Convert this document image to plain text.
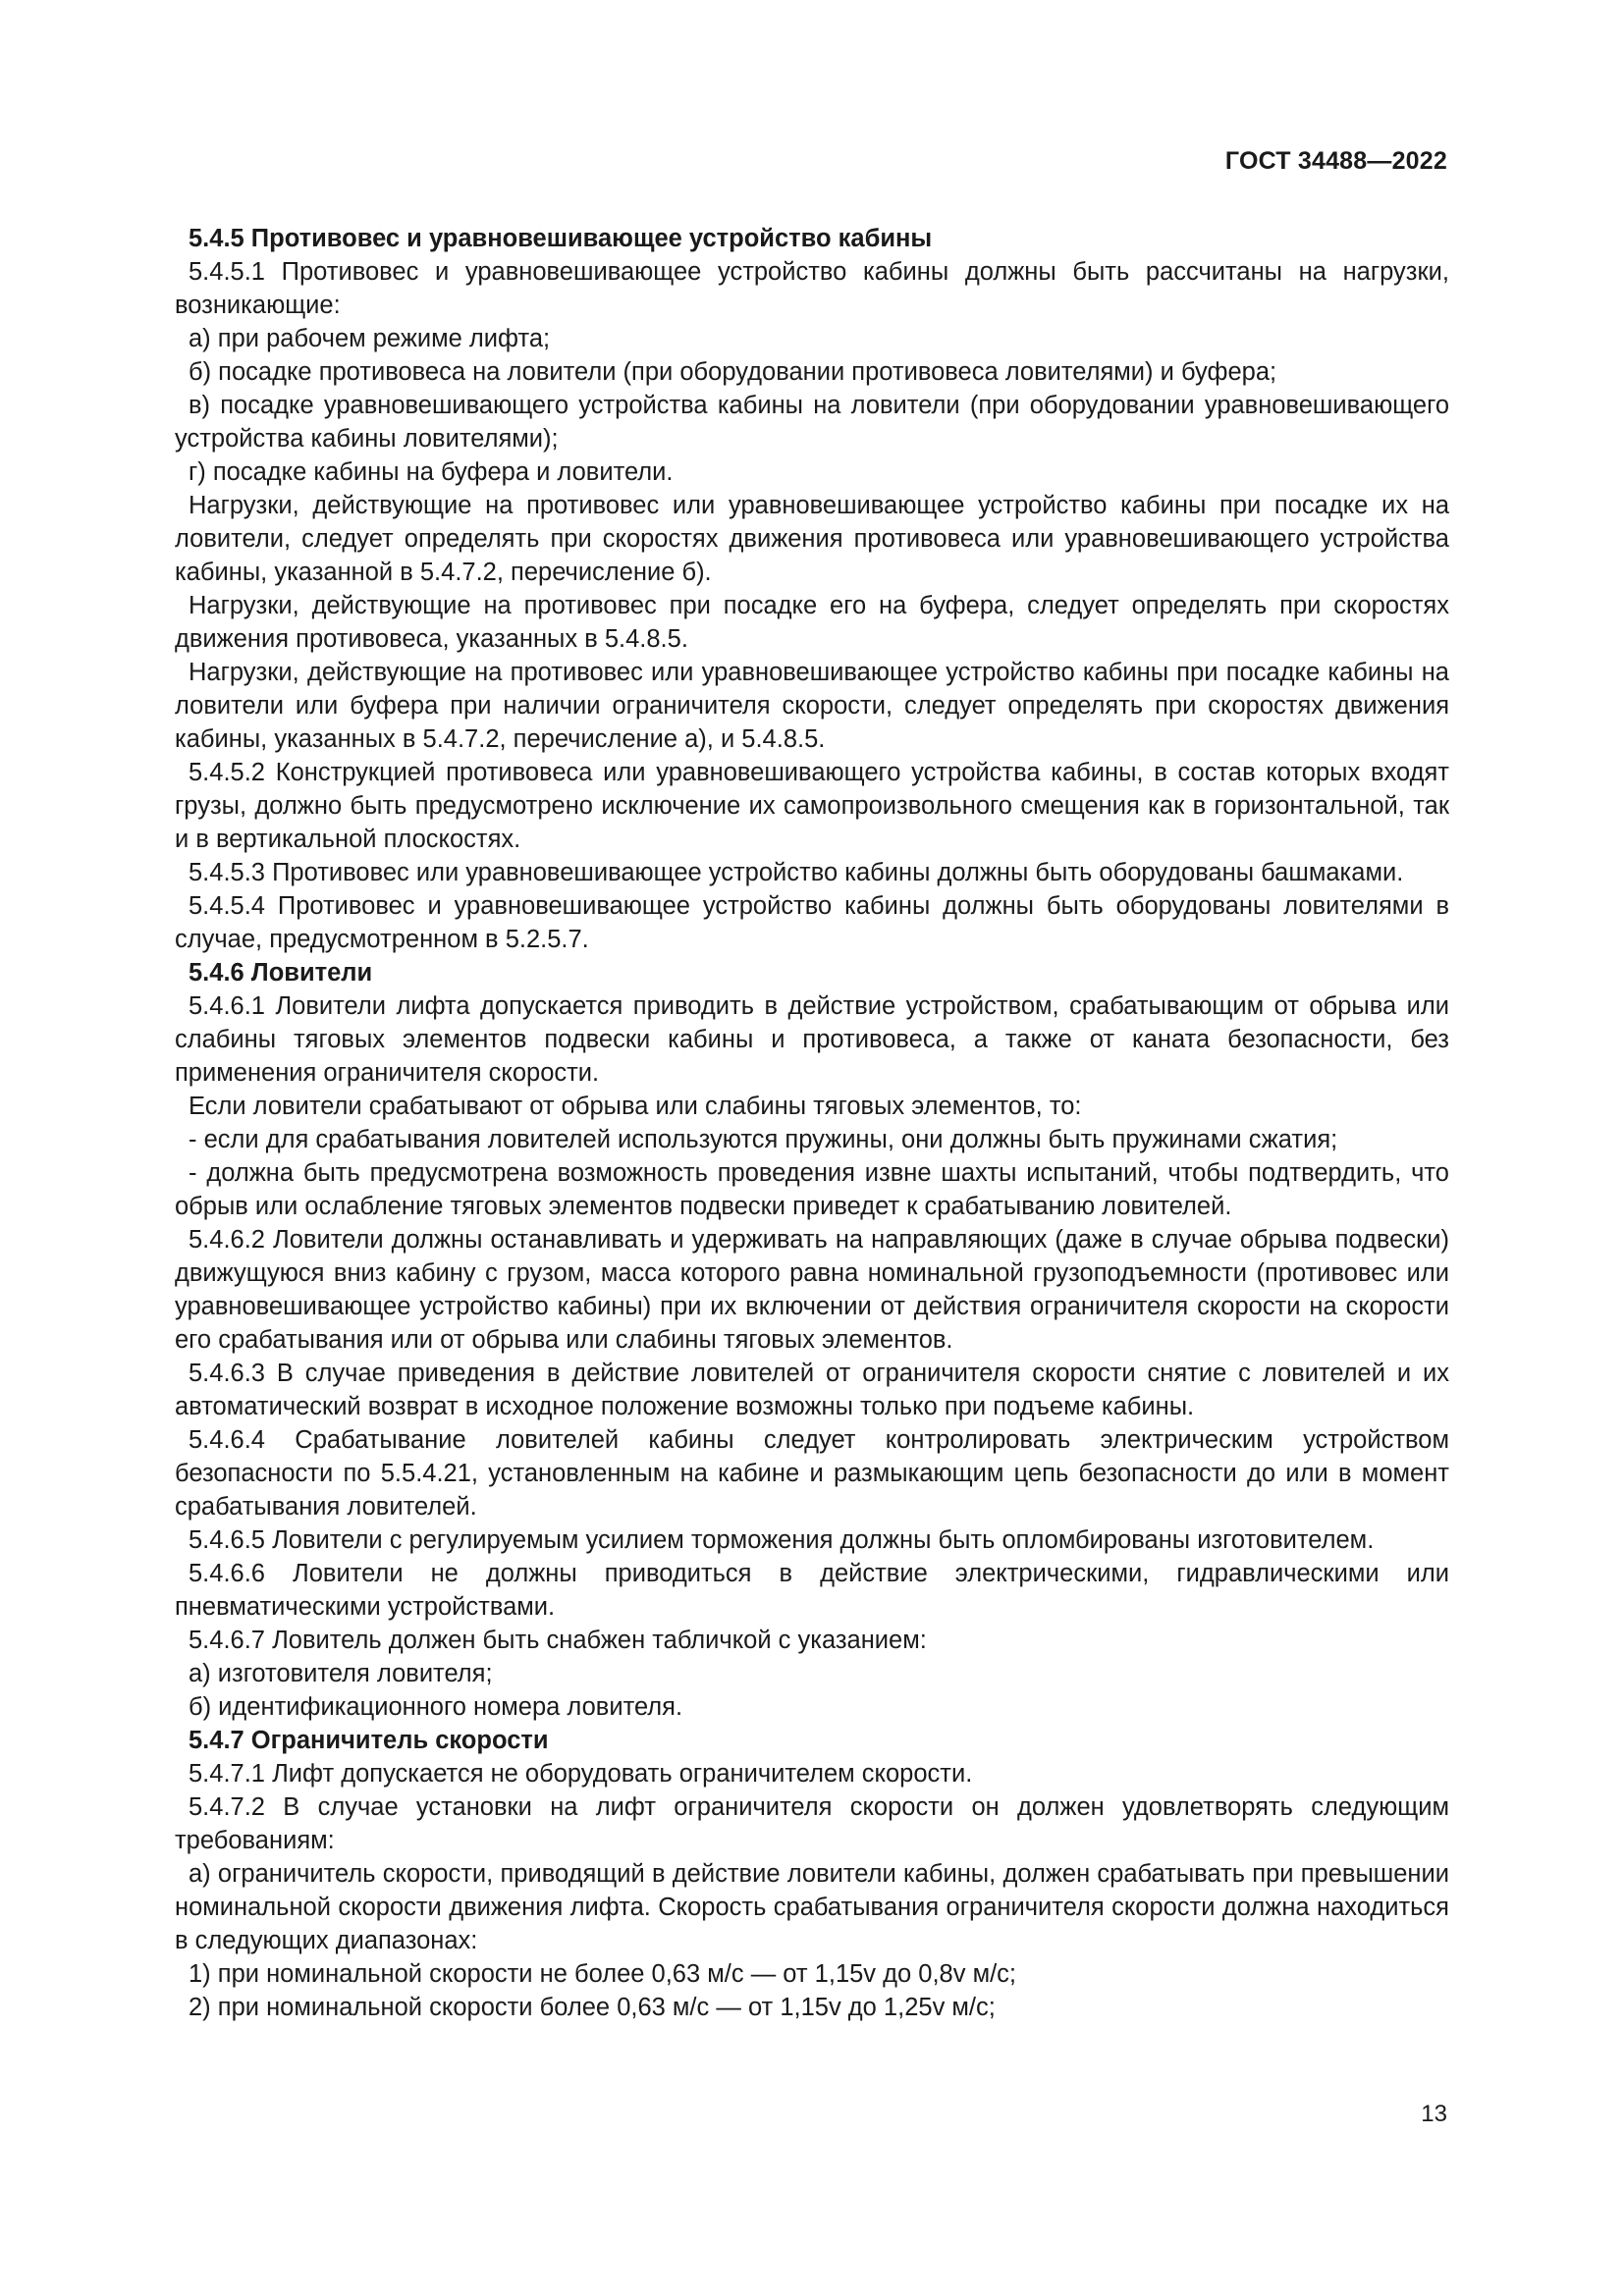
ГОСТ 34488—2022
5.4.5 Противовес и уравновешивающее устройство кабины

5.4.5.1 Противовес и уравновешивающее устройство кабины должны быть рассчитаны на нагрузки, возникающие:

а) при рабочем режиме лифта;

б) посадке противовеса на ловители (при оборудовании противовеса ловителями) и буфера;

в) посадке уравновешивающего устройства кабины на ловители (при оборудовании уравновешивающего устройства кабины ловителями);

г) посадке кабины на буфера и ловители.

Нагрузки, действующие на противовес или уравновешивающее устройство кабины при посадке их на ловители, следует определять при скоростях движения противовеса или уравновешивающего устройства кабины, указанной в 5.4.7.2, перечисление б).

Нагрузки, действующие на противовес при посадке его на буфера, следует определять при скоростях движения противовеса, указанных в 5.4.8.5.

Нагрузки, действующие на противовес или уравновешивающее устройство кабины при посадке кабины на ловители или буфера при наличии ограничителя скорости, следует определять при скоростях движения кабины, указанных в 5.4.7.2, перечисление а), и 5.4.8.5.

5.4.5.2 Конструкцией противовеса или уравновешивающего устройства кабины, в состав которых входят грузы, должно быть предусмотрено исключение их самопроизвольного смещения как в горизонтальной, так и в вертикальной плоскостях.

5.4.5.3 Противовес или уравновешивающее устройство кабины должны быть оборудованы башмаками.

5.4.5.4 Противовес и уравновешивающее устройство кабины должны быть оборудованы ловителями в случае, предусмотренном в 5.2.5.7.

5.4.6 Ловители

5.4.6.1 Ловители лифта допускается приводить в действие устройством, срабатывающим от обрыва или слабины тяговых элементов подвески кабины и противовеса, а также от каната безопасности, без применения ограничителя скорости.

Если ловители срабатывают от обрыва или слабины тяговых элементов, то:

- если для срабатывания ловителей используются пружины, они должны быть пружинами сжатия;

- должна быть предусмотрена возможность проведения извне шахты испытаний, чтобы подтвердить, что обрыв или ослабление тяговых элементов подвески приведет к срабатыванию ловителей.

5.4.6.2 Ловители должны останавливать и удерживать на направляющих (даже в случае обрыва подвески) движущуюся вниз кабину с грузом, масса которого равна номинальной грузоподъемности (противовес или уравновешивающее устройство кабины) при их включении от действия ограничителя скорости на скорости его срабатывания или от обрыва или слабины тяговых элементов.

5.4.6.3 В случае приведения в действие ловителей от ограничителя скорости снятие с ловителей и их автоматический возврат в исходное положение возможны только при подъеме кабины.

5.4.6.4 Срабатывание ловителей кабины следует контролировать электрическим устройством безопасности по 5.5.4.21, установленным на кабине и размыкающим цепь безопасности до или в момент срабатывания ловителей.

5.4.6.5 Ловители с регулируемым усилием торможения должны быть опломбированы изготовителем.

5.4.6.6 Ловители не должны приводиться в действие электрическими, гидравлическими или пневматическими устройствами.

5.4.6.7 Ловитель должен быть снабжен табличкой с указанием:

а) изготовителя ловителя;

б) идентификационного номера ловителя.

5.4.7 Ограничитель скорости

5.4.7.1 Лифт допускается не оборудовать ограничителем скорости.

5.4.7.2 В случае установки на лифт ограничителя скорости он должен удовлетворять следующим требованиям:

а) ограничитель скорости, приводящий в действие ловители кабины, должен срабатывать при превышении номинальной скорости движения лифта. Скорость срабатывания ограничителя скорости должна находиться в следующих диапазонах:

1) при номинальной скорости не более 0,63 м/с — от 1,15v до 0,8v м/с;

2) при номинальной скорости более 0,63 м/с — от 1,15v до 1,25v м/с;

13
